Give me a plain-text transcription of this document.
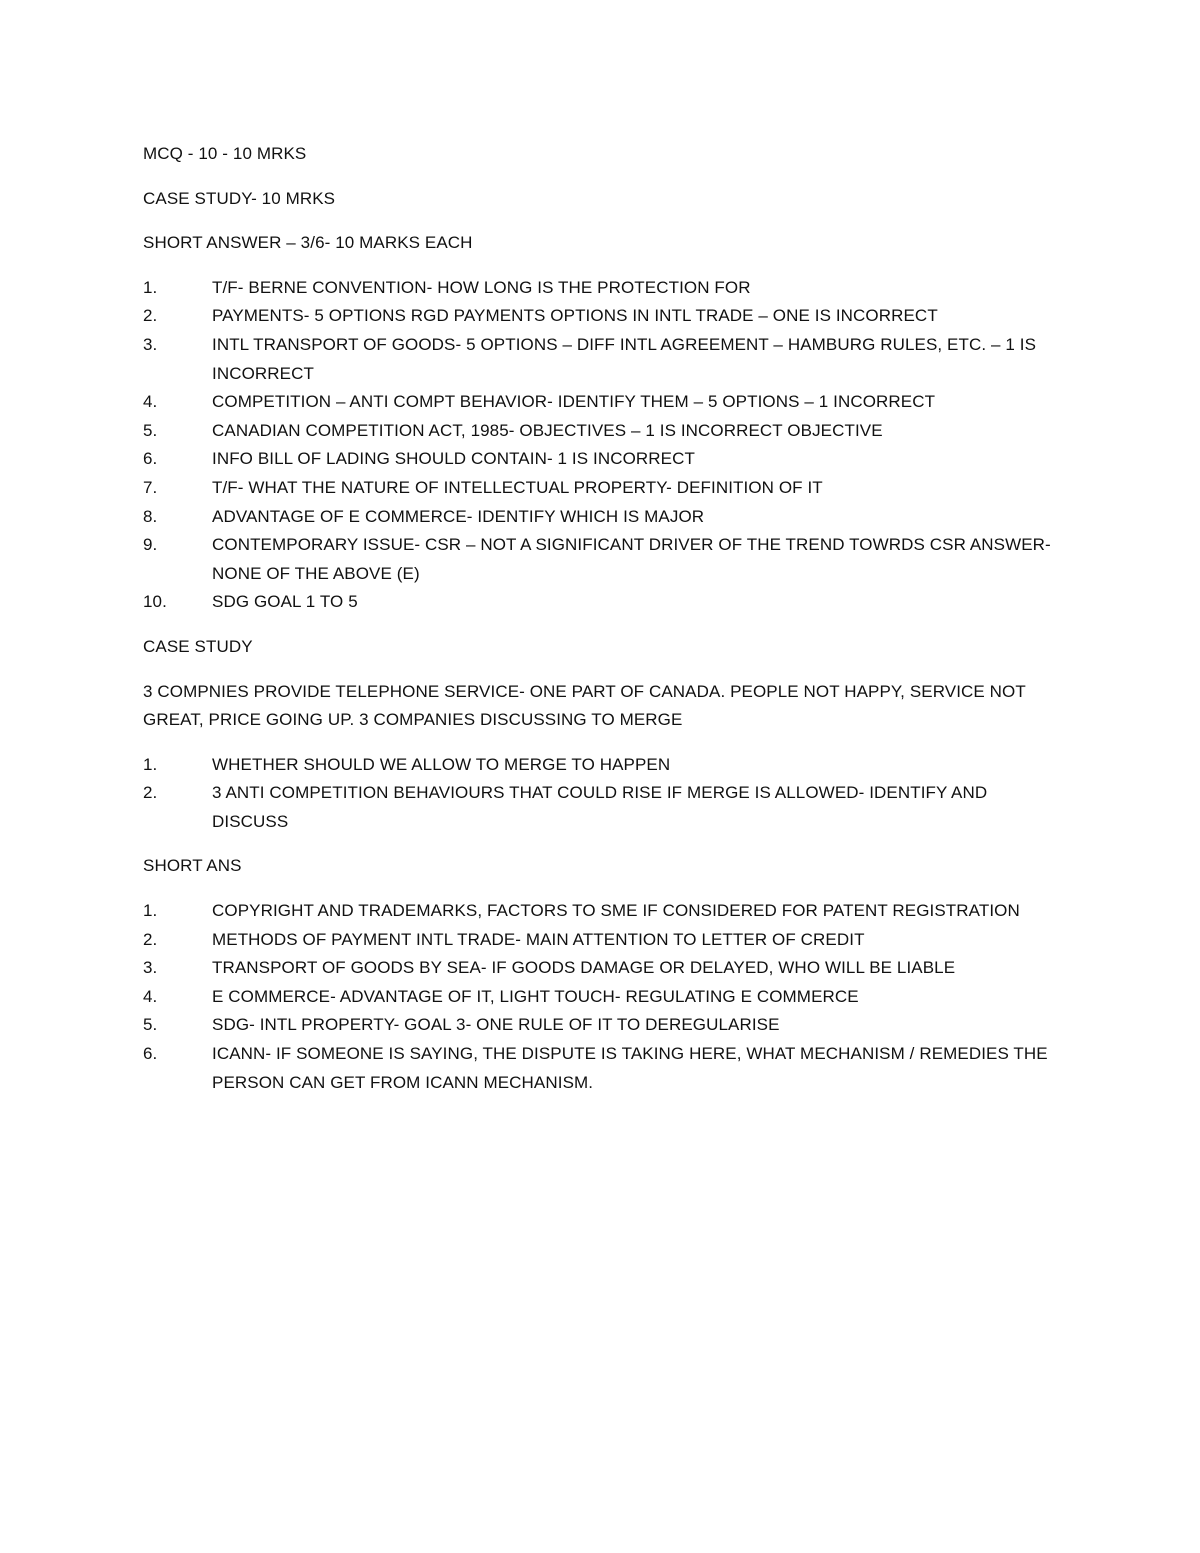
MCQ - 10 - 10 MRKS

CASE STUDY- 10 MRKS

SHORT ANSWER – 3/6- 10 MARKS EACH

1.	T/F- BERNE CONVENTION- HOW LONG IS THE PROTECTION FOR
2.	PAYMENTS- 5 OPTIONS RGD PAYMENTS OPTIONS IN INTL TRADE – ONE IS INCORRECT
3.	INTL TRANSPORT OF GOODS- 5 OPTIONS – DIFF INTL AGREEMENT – HAMBURG RULES, ETC. – 1 IS INCORRECT
4.	COMPETITION – ANTI COMPT BEHAVIOR- IDENTIFY THEM – 5 OPTIONS – 1 INCORRECT
5.	CANADIAN COMPETITION ACT, 1985- OBJECTIVES – 1 IS INCORRECT OBJECTIVE
6.	INFO BILL OF LADING SHOULD CONTAIN- 1 IS INCORRECT
7.	T/F- WHAT THE NATURE OF INTELLECTUAL PROPERTY- DEFINITION OF IT
8.	ADVANTAGE OF E COMMERCE- IDENTIFY WHICH IS MAJOR
9.	CONTEMPORARY ISSUE- CSR – NOT A SIGNIFICANT DRIVER OF THE TREND TOWRDS CSR ANSWER- NONE OF THE ABOVE (E)
10.	SDG GOAL 1 TO 5

CASE STUDY

3 COMPNIES PROVIDE TELEPHONE SERVICE- ONE PART OF CANADA. PEOPLE NOT HAPPY, SERVICE NOT GREAT, PRICE GOING UP. 3 COMPANIES DISCUSSING TO MERGE

1.	WHETHER SHOULD WE ALLOW TO MERGE TO HAPPEN
2.	3 ANTI COMPETITION BEHAVIOURS THAT COULD RISE IF MERGE IS ALLOWED- IDENTIFY AND DISCUSS

SHORT ANS

1.	COPYRIGHT AND TRADEMARKS, FACTORS TO SME IF CONSIDERED FOR PATENT REGISTRATION
2.	METHODS OF PAYMENT INTL TRADE- MAIN ATTENTION TO LETTER OF CREDIT
3.	TRANSPORT OF GOODS BY SEA- IF GOODS DAMAGE OR DELAYED, WHO WILL BE LIABLE
4.	E COMMERCE- ADVANTAGE OF IT, LIGHT TOUCH- REGULATING E COMMERCE
5.	SDG- INTL PROPERTY- GOAL 3- ONE RULE OF IT TO DEREGULARISE
6.	ICANN- IF SOMEONE IS SAYING, THE DISPUTE IS TAKING HERE, WHAT MECHANISM / REMEDIES THE PERSON CAN GET FROM ICANN MECHANISM.
